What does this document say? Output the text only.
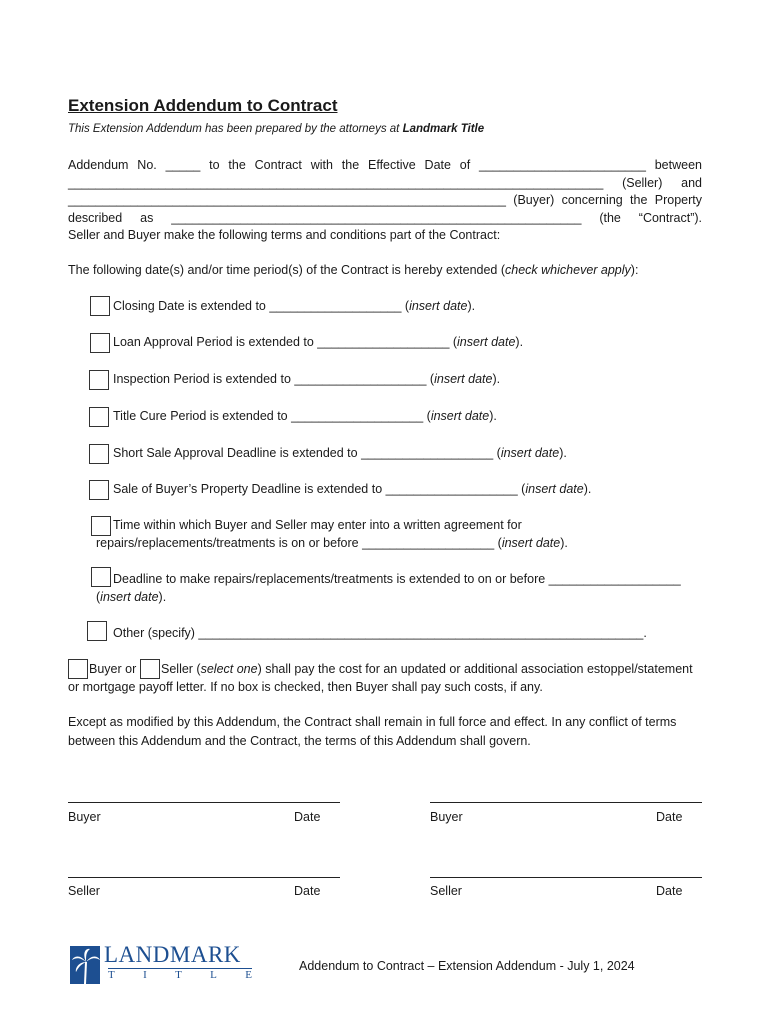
Extension Addendum to Contract
This Extension Addendum has been prepared by the attorneys at Landmark Title
Addendum No. _____ to the Contract with the Effective Date of ________________________ between
_____________________________________________________________________________ (Seller) and
_______________________________________________________________ (Buyer) concerning the Property
described as ___________________________________________________________ (the “Contract”).
Seller and Buyer make the following terms and conditions part of the Contract:
The following date(s) and/or time period(s) of the Contract is hereby extended (check whichever apply):
Closing Date is extended to ___________________ (insert date).
Loan Approval Period is extended to ___________________ (insert date).
Inspection Period is extended to ___________________ (insert date).
Title Cure Period is extended to ___________________ (insert date).
Short Sale Approval Deadline is extended to ___________________ (insert date).
Sale of Buyer’s Property Deadline is extended to ___________________ (insert date).
Time within which Buyer and Seller may enter into a written agreement for
repairs/replacements/treatments is on or before ___________________ (insert date).
Deadline to make repairs/replacements/treatments is extended to on or before ___________________
(insert date).
Other (specify) ________________________________________________________________.
Buyer or Seller (select one) shall pay the cost for an updated or additional association estoppel/statement
or mortgage payoff letter. If no box is checked, then Buyer shall pay such costs, if any.
Except as modified by this Addendum, the Contract shall remain in full force and effect. In any conflict of terms
between this Addendum and the Contract, the terms of this Addendum shall govern.
Buyer	Date	Buyer	Date
Seller	Date	Seller	Date
LANDMARK
T	I	T	L	E
Addendum to Contract – Extension Addendum - July 1, 2024
